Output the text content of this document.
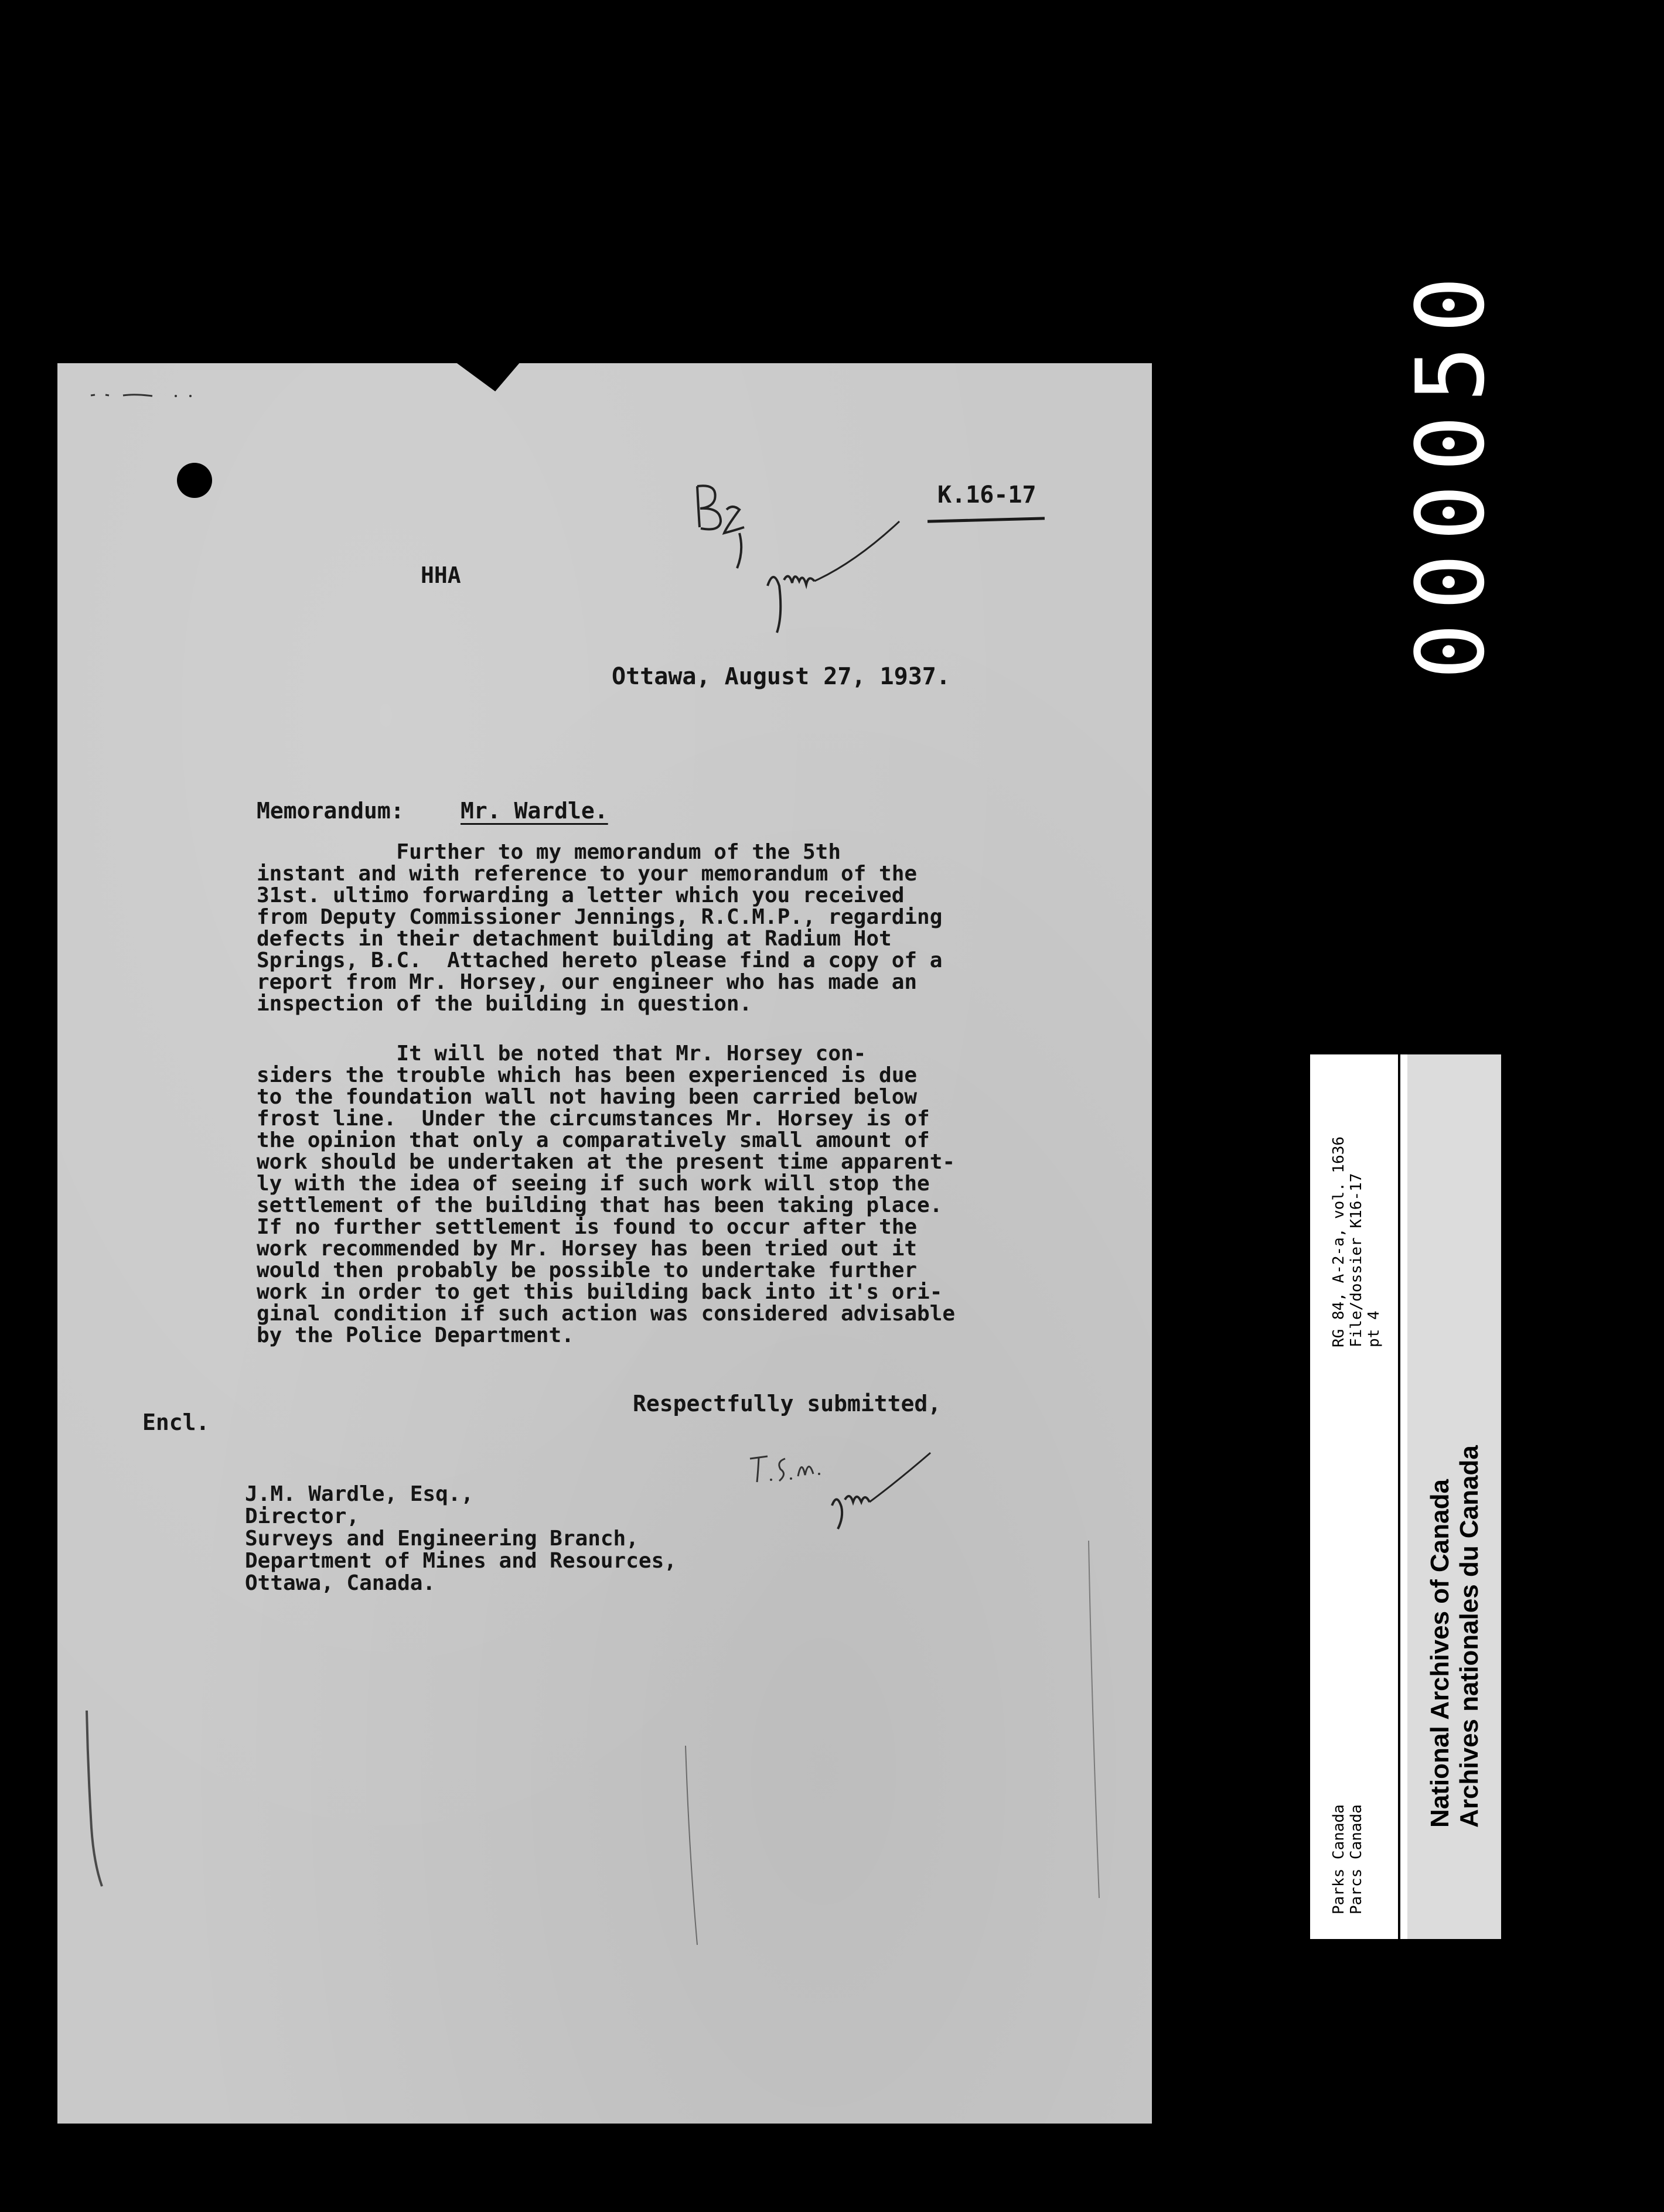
K.16-17

HHA

Ottawa, August 27, 1937.

Memorandum:	Mr. Wardle.

Further to my memorandum of the 5th
instant and with reference to your memorandum of the
31st. ultimo forwarding a letter which you received
from Deputy Commissioner Jennings, R.C.M.P., regarding
defects in their detachment building at Radium Hot
Springs, B.C.  Attached hereto please find a copy of a
report from Mr. Horsey, our engineer who has made an
inspection of the building in question.
It will be noted that Mr. Horsey con-
siders the trouble which has been experienced is due
to the foundation wall not having been carried below
frost line.  Under the circumstances Mr. Horsey is of
the opinion that only a comparatively small amount of
work should be undertaken at the present time apparent-
ly with the idea of seeing if such work will stop the
settlement of the building that has been taking place.
If no further settlement is found to occur after the
work recommended by Mr. Horsey has been tried out it
would then probably be possible to undertake further
work in order to get this building back into it's ori-
ginal condition if such action was considered advisable
by the Police Department.

Respectfully submitted,

Encl.

J.M. Wardle, Esq.,
Director,
Surveys and Engineering Branch,
Department of Mines and Resources,
Ottawa, Canada.
000050
Parks Canada Parcs Canada
RG 84, A-2-a, vol. 1636 File/dossier K16-17 pt 4
National Archives of Canada Archives nationales du Canada
